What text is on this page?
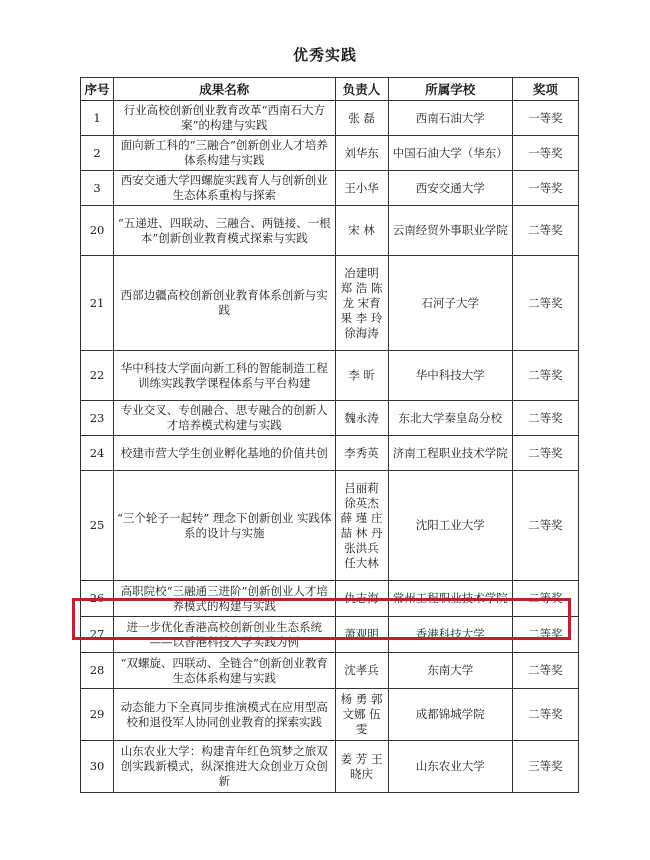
优秀实践
序号	成果名称	负责人	所属学校	奖项
1	行业高校创新创业教育改革“西南石大方案”的构建与实践	张 磊	西南石油大学	一等奖
2	面向新工科的“三融合”创新创业人才培养体系构建与实践	刘华东	中国石油大学（华东）	一等奖
3	西安交通大学四螺旋实践育人与创新创业生态体系重构与探索	王小华	西安交通大学	一等奖
20	“五递进、四联动、三融合、两链接、一根本”创新创业教育模式探索与实践	宋 林	云南经贸外事职业学院	二等奖
21	西部边疆高校创新创业教育体系创新与实践	冶建明 郑 浩 陈 龙 宋育果 李 玲 徐海涛	石河子大学	二等奖
22	华中科技大学面向新工科的智能制造工程训练实践教学课程体系与平台构建	李 昕	华中科技大学	二等奖
23	专业交叉、专创融合、思专融合的创新人才培养模式构建与实践	魏永涛	东北大学秦皇岛分校	二等奖
24	校建市营大学生创业孵化基地的价值共创	李秀英	济南工程职业技术学院	二等奖
25	“三个轮子一起转” 理念下创新创业 实践体系的设计与实施	吕丽莉 徐英杰 薛 瑾 庄 喆 林 丹 张洪兵 任大林	沈阳工业大学	二等奖
26	高职院校“三融通三进阶”创新创业人才培养模式的构建与实践	仇志海	常州工程职业技术学院	二等奖
27	进一步优化香港高校创新创业生态系统——以香港科技大学实践为例	萧观明	香港科技大学	二等奖
28	“双螺旋、四联动、全链合”创新创业教育生态体系构建与实践	沈孝兵	东南大学	二等奖
29	动态能力下全真同步推演模式在应用型高校和退役军人协同创业教育的探索实践	杨 勇 郭文娜 伍 雯	成都锦城学院	二等奖
30	山东农业大学：构建青年红色筑梦之旅双创实践新模式，纵深推进大众创业万众创新	姜 芳 王晓庆	山东农业大学	三等奖
